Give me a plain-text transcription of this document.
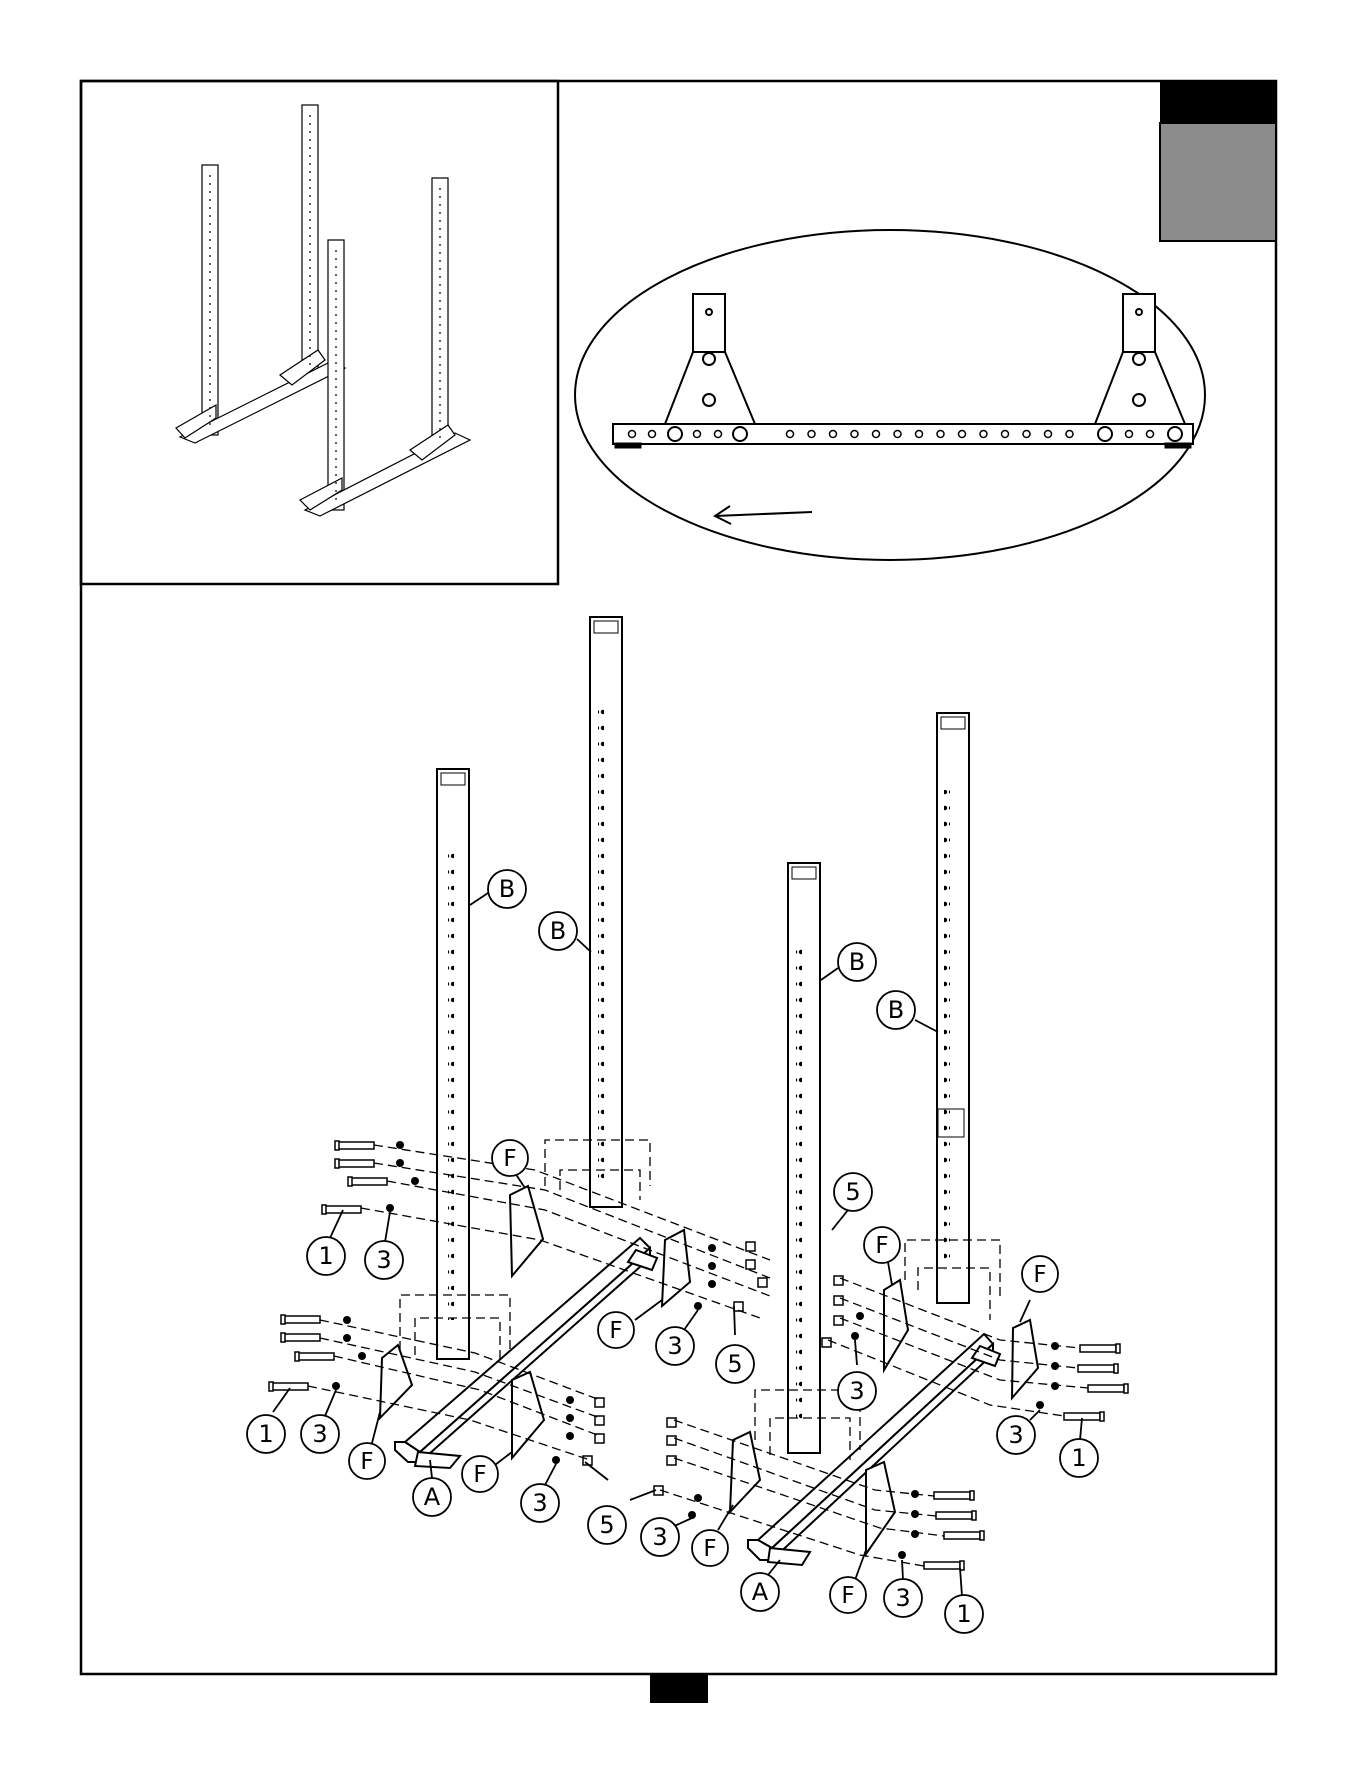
B
B
B
B
F
F
F	F
F
F
F
F
A
A
1
1
1
1
3
3
3
3
3
3
3
3
5
5
5
